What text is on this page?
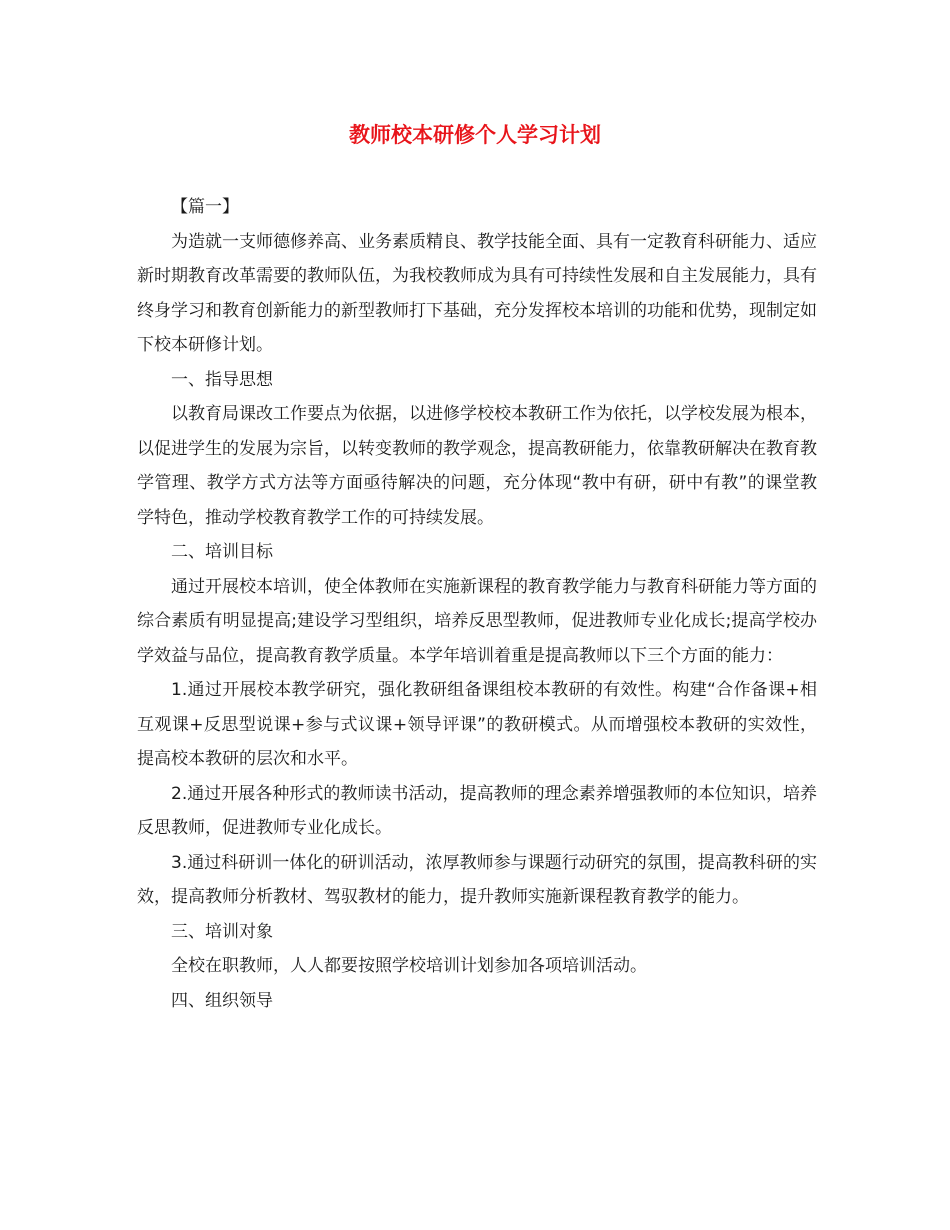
教师校本研修个人学习计划

【篇一】

为造就一支师德修养高、业务素质精良、教学技能全面、具有一定教育科研能力、适应新时期教育改革需要的教师队伍，为我校教师成为具有可持续性发展和自主发展能力，具有终身学习和教育创新能力的新型教师打下基础，充分发挥校本培训的功能和优势，现制定如下校本研修计划。

一、指导思想

以教育局课改工作要点为依据，以进修学校校本教研工作为依托，以学校发展为根本，以促进学生的发展为宗旨，以转变教师的教学观念，提高教研能力，依靠教研解决在教育教学管理、教学方式方法等方面亟待解决的问题，充分体现“教中有研，研中有教”的课堂教学特色，推动学校教育教学工作的可持续发展。

二、培训目标

通过开展校本培训，使全体教师在实施新课程的教育教学能力与教育科研能力等方面的综合素质有明显提高;建设学习型组织，培养反思型教师，促进教师专业化成长;提高学校办学效益与品位，提高教育教学质量。本学年培训着重是提高教师以下三个方面的能力：

1.通过开展校本教学研究，强化教研组备课组校本教研的有效性。构建“合作备课+相互观课+反思型说课+参与式议课+领导评课”的教研模式。从而增强校本教研的实效性，提高校本教研的层次和水平。

2.通过开展各种形式的教师读书活动，提高教师的理念素养增强教师的本位知识，培养反思教师，促进教师专业化成长。

3.通过科研训一体化的研训活动，浓厚教师参与课题行动研究的氛围，提高教科研的实效，提高教师分析教材、驾驭教材的能力，提升教师实施新课程教育教学的能力。

三、培训对象

全校在职教师，人人都要按照学校培训计划参加各项培训活动。

四、组织领导
